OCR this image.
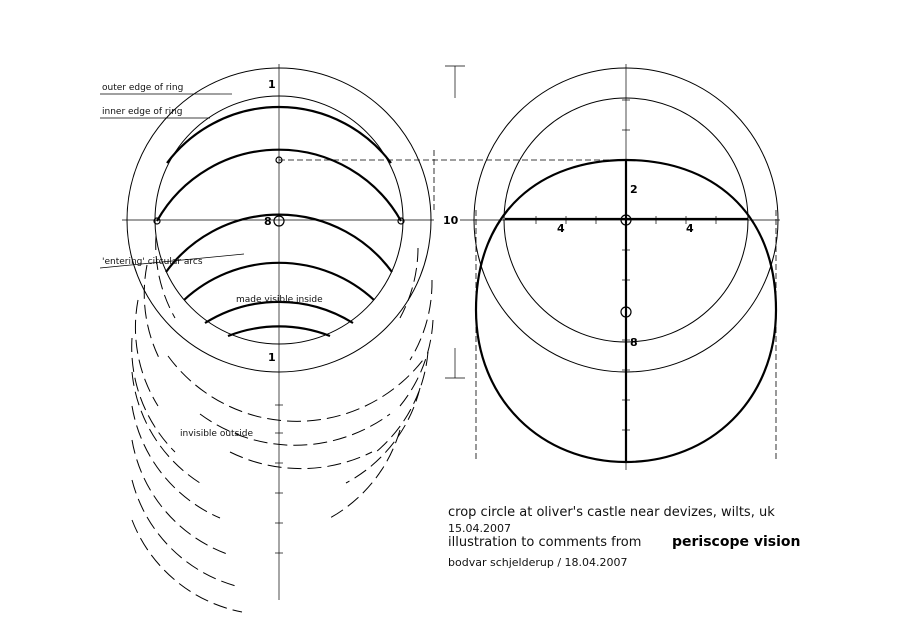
1
1
8
outer edge of ring
inner edge of ring
'entering' circular arcs
made visible inside
invisible outside
10
2
4	4
8
crop circle at oliver's castle near devizes, wilts, uk
15.04.2007
illustration to comments from periscope vision
bodvar schjelderup / 18.04.2007
